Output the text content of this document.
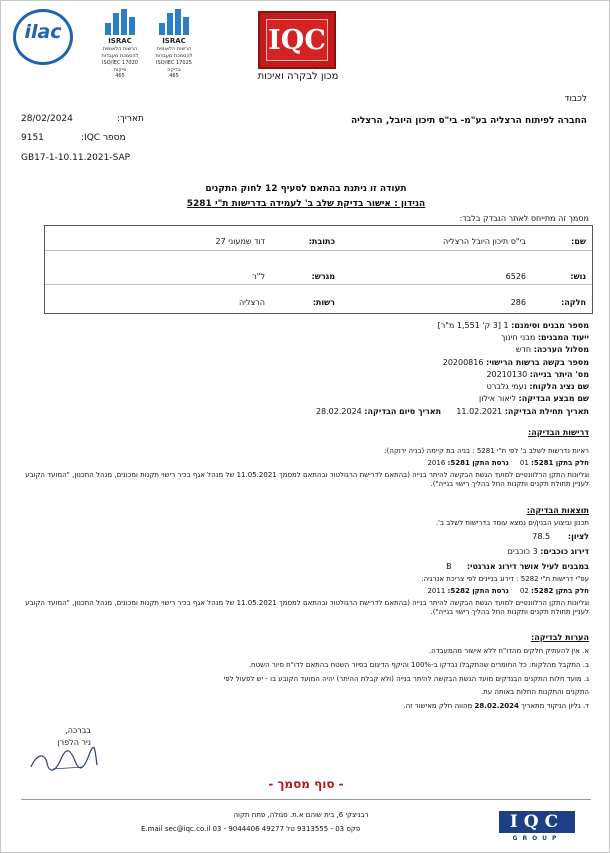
ilac	ISRAC
הרשות הלאומית
להסמכת מעבדות
ISO/IEC 17020
פיקוח
465
ISRAC
הרשות הלאומית
להסמכת מעבדות
ISO/IEC 17025
בדיקה
465
IQC
מכון לבקרה ואיכות
לכבוד
החברה לפיתוח הרצליה בע"מ- בי"ס תיכון היובל, הרצליה
28/02/2024	תאריך:
9151	מספר IQC:
GB17-1-10.11.2021-SAP
תעודה זו ניתנת בהתאם לסעיף 12 לחוק התקנים
הנידון : אישור בדיקת שלב ב' לעמידה בדרישות ת"י 5281
מסמך זה מתייחס לאתר הנבדק בלבד:
שם:
בי"ס תיכון היובל הרצליה
כתובת:
דוד שמעוני 27
גוש:
6526
מגרש:
ל"ר
חלקה:
286
רשות:
הרצליה
מספר מבנים וסימנם: 1 [3 ק' 1,551 מ"ר]
ייעוד המבנים: מבני חינוך
מסלול הערכה: חדש
מספר בקשה ברשות הרישוי: 20200816
מס' היתר בנייה: 20210130
שם נציג הלקוח: נעמי גלברט
שם מבצע הבדיקה: ליאור אילון
תאריך תחילת הבדיקה: 11.02.2021      תאריך סיום הבדיקה: 28.02.2024
דרישות הבדיקה:
ראיות נדרשות לשלב ב' לפי ת"י 5281 : בניה בת קיימה (בניה ירוקה):
חלק בתקן 5281: 01     גרסת התקן 5281: 2016
וגליונות התקן הרלוונטיים למועד הגשת הבקשה להיתר בנייה (בהתאם לדרישת הרגולטור ובהתאם למסמך 11.05.2021 של מנהל אגף בכיר רישוי תקנות ומכונים, מנהל התכנון, "המועד הקובע לעניין תחולת תקנים ותקנות החל בהליך רישוי בנייה").
תוצאות הבדיקה:
תכנון וביצוע הבנין/ים נמצא עומד בדרישות לשלב ב'.
לציון:       78.5
דירוג כוכבים: 3 כוכבים
במבנים לעיל אושר דירוג אנרגטי:      B
עפ"י דרישות ת"י 5282 : דירוג בניינים לפי צריכת אנרגיה:
חלק בתקן 5282: 02     גרסת התקן 5282: 2011
וגליונות התקן הרלוונטיים למועד הגשת הבקשה להיתר בנייה (בהתאם לדרישת הרגולטור ובהתאם למסמך 11.05.2021 של מנהל אגף בכיר רישוי תקנות ומכונים, מנהל התכנון, "המועד הקובע לעניין תחולת תקנים ותקנות החל בהליך רישוי בנייה").
הערות לבדיקה:
א. אין להעתיק חלקים מהדו"ח ללא אישור מהמעבדה.
ב. התקבל מהלקוח: כל החומרים שהתקבלו נבדקו ב-100% והיקף הדיגום בסיור השטח בהתאם לדו"ח סיור השטח.
ג. מועד חלות התקנים הבנדקים מועד הגשת הבקשה להיתר בנייה (ולא קבלת ההיתר) יהיה המועד הקובע בו - יש לפעול לפי
התקנים והתקנות החלות באותה עת.
ד. גליון הניקוד מתאריך 28.02.2024 מהווה חלק מאישור זה.
בברכה,
ניר הלפרן
- סוף מסמך -
רבניצקי 6, בית שוהם א.ת. סגולה, פתח תקוה
E.mail sec@iqc.co.il 03 - 9044406 פקס 03 - 9313555 טל 49277	IQC
GROUP
